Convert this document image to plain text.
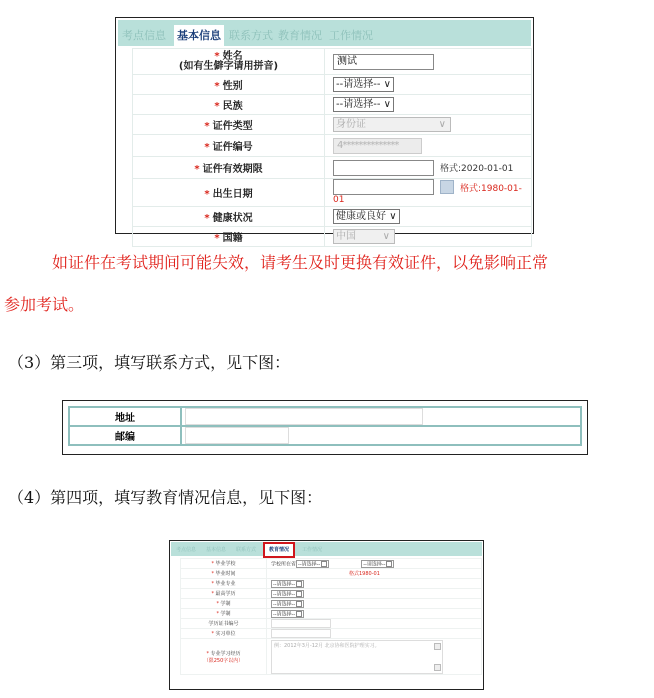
考点信息 基本信息 联系方式 教育情况 工作情况
* 姓名
(如有生僻字请用拼音)	测试
* 性别	--请选择-- ∨
* 民族	--请选择-- ∨
* 证件类型	身份证 ∨

* 证件编号	4**************
* 证件有效期限	格式:2020-01-01
* 出生日期	格式:1980-01-01
* 健康状况	健康或良好 ∨
* 国籍	中国 ∨
如证件在考试期间可能失效，请考生及时更换有效证件，以免影响正常
参加考试。
（3）第三项，填写联系方式，见下图：
地址	
邮编	
（4）第四项，填写教育情况信息，见下图：
考点信息	基本信息	联系方式	教育情况	工作情况
* 毕业学校	学校所在省 --请选择-- --请选择--
* 毕业时间	格式1980-01
* 毕业专业	--请选择--
* 最高学历	--请选择--
* 学制	--请选择--
* 学制	--请选择--
学历证书编号	
* 实习单位	

* 专业学习经历
（限250字以内）	例：2012年3月-12月 北京协和医院护理实习。
